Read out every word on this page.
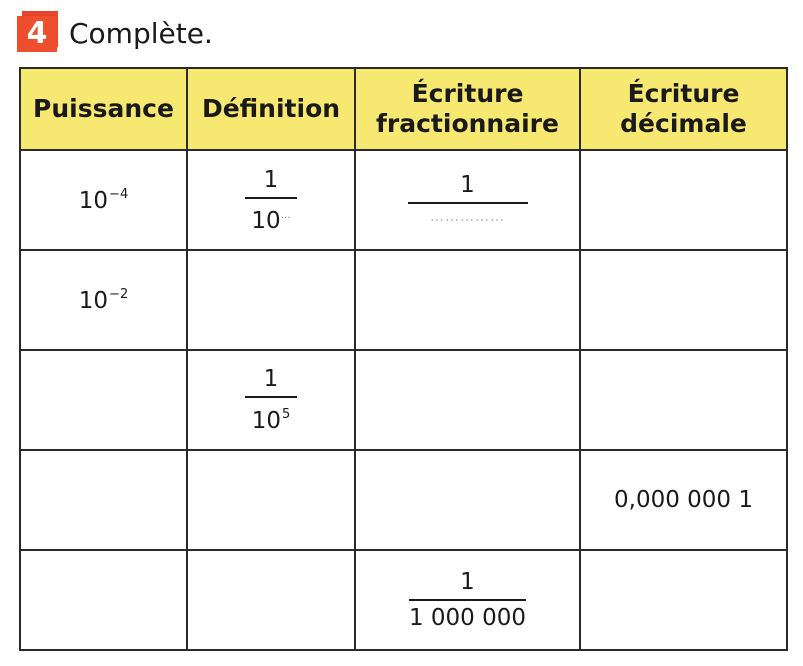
4 Complète.
Puissance	Définition	Écriture fractionnaire	Écriture décimale
$10^{-4}$	$\frac{1}{10^\dots}$	$\frac{1}{\dots\dots\dots\dots\dots}$

$10^{-2}$			

	$\frac{1}{10^5}$

			0,000 000 1

		$\frac{1}{1 000 000}$
